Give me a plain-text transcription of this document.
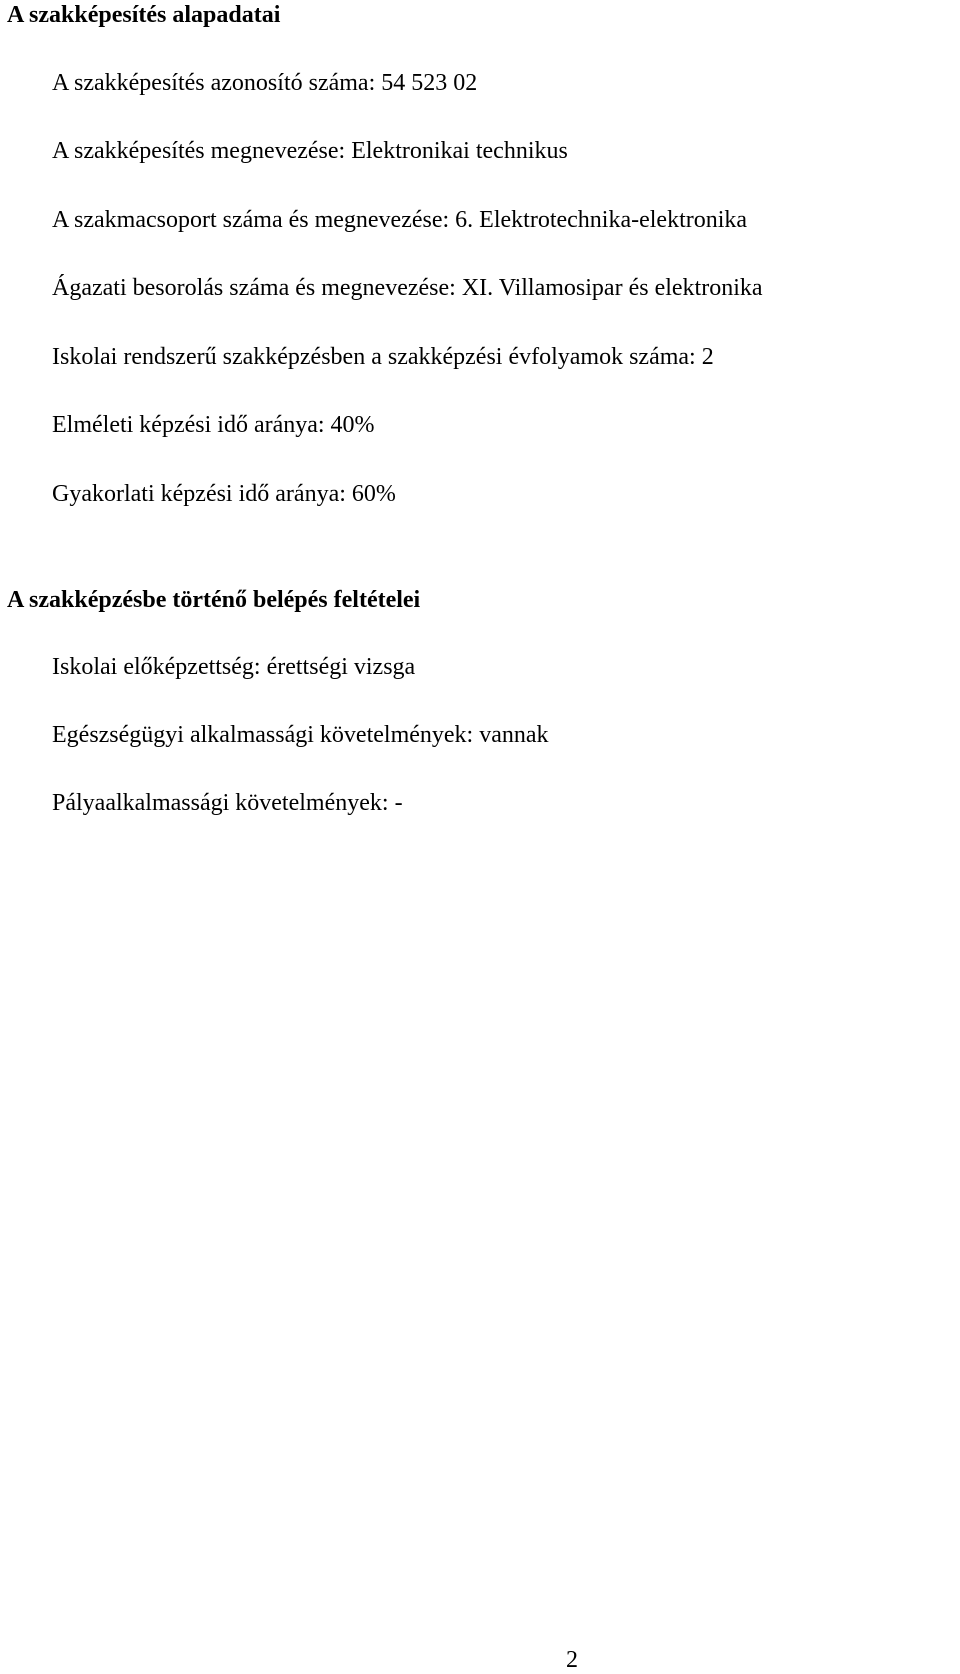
A szakképesítés alapadatai

A szakképesítés azonosító száma: 54 523 02

A szakképesítés megnevezése: Elektronikai technikus

A szakmacsoport száma és megnevezése: 6. Elektrotechnika-elektronika

Ágazati besorolás száma és megnevezése: XI. Villamosipar és elektronika

Iskolai rendszerű szakképzésben a szakképzési évfolyamok száma: 2

Elméleti képzési idő aránya: 40%

Gyakorlati képzési idő aránya: 60%

A szakképzésbe történő belépés feltételei

Iskolai előképzettség: érettségi vizsga

Egészségügyi alkalmassági követelmények: vannak

Pályaalkalmassági követelmények: -

2
